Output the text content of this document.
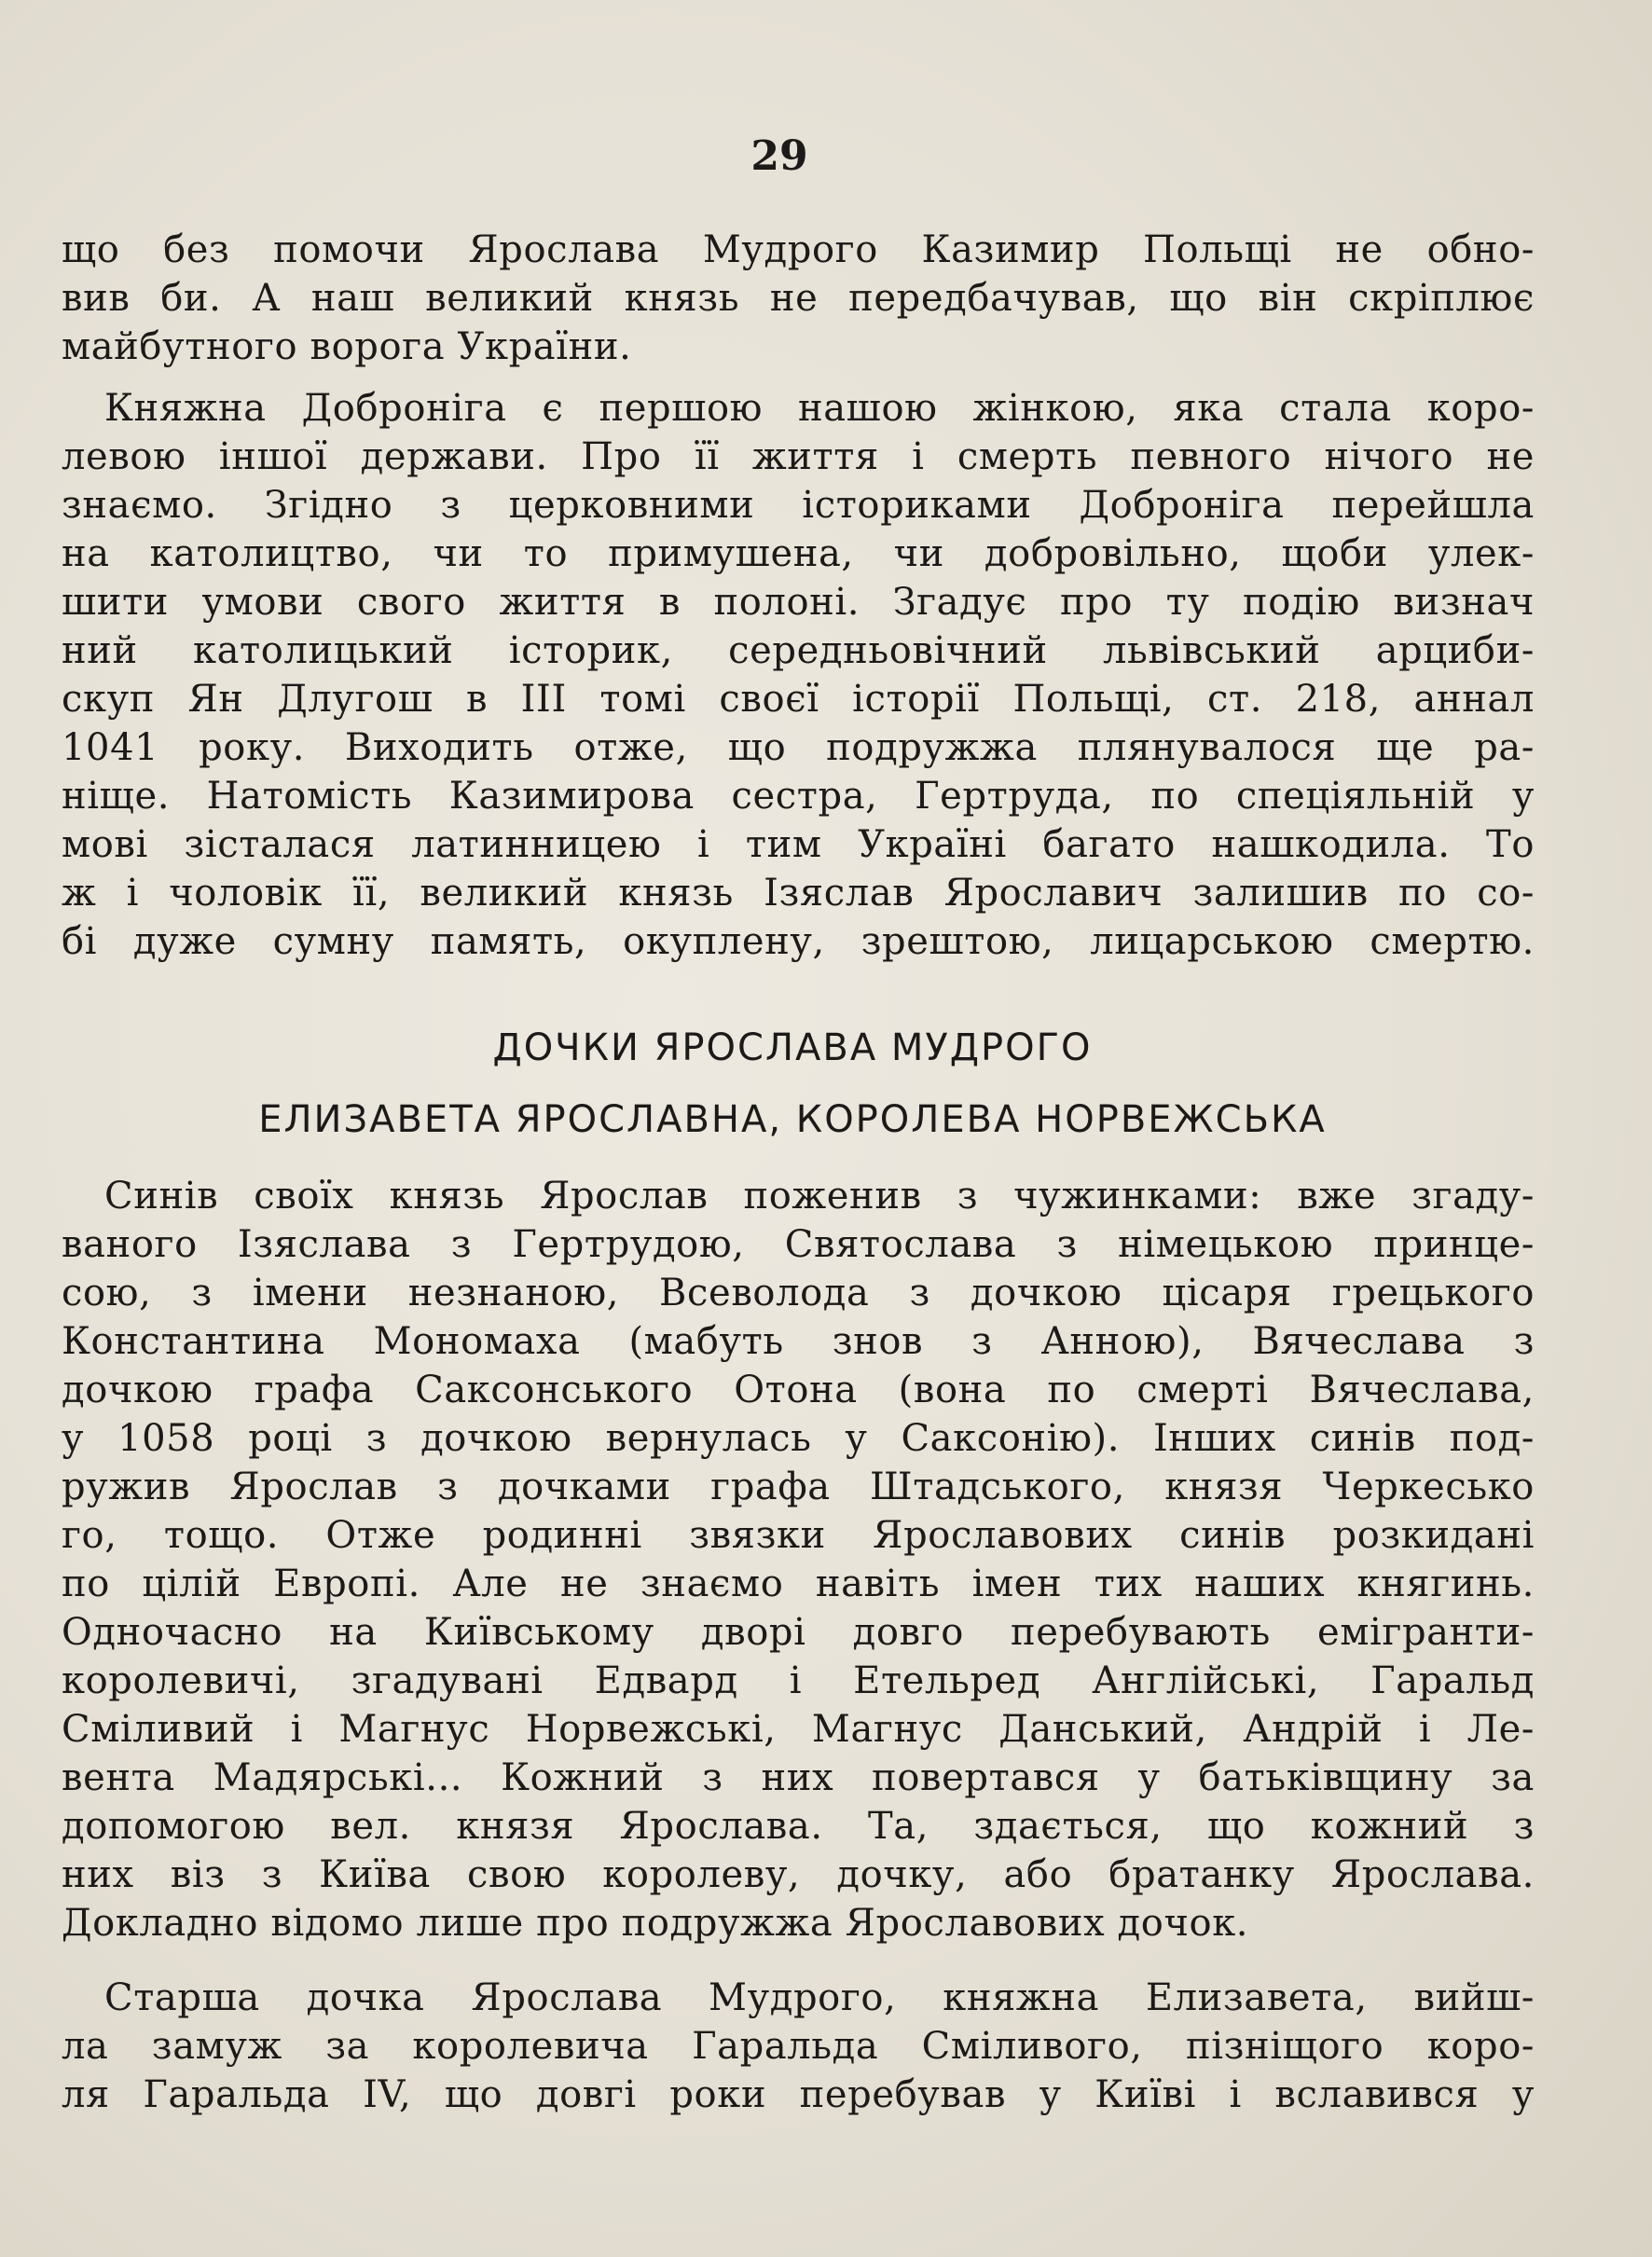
29
що без помочи Ярослава Мудрого Казимир Польщі не обно-
вив би. А наш великий князь не передбачував, що він скріплює
майбутного ворога України.
Княжна Доброніга є першою нашою жінкою, яка стала коро-
левою іншої держави. Про її життя і смерть певного нічого не
знаємо. Згідно з церковними істориками Доброніга перейшла
на католицтво, чи то примушена, чи добровільно, щоби улек-
шити умови свого життя в полоні. Згадує про ту подію визнач
ний католицький історик, середньовічний львівський арциби-
скуп Ян Длугош в III томі своєї історії Польщі, ст. 218, аннал
1041 року. Виходить отже, що подружжа плянувалося ще ра-
ніще. Натомість Казимирова сестра, Гертруда, по спеціяльній у
мові зісталася латинницею і тим Україні багато нашкодила. То
ж і чоловік її, великий князь Ізяслав Ярославич залишив по со-
бі дуже сумну память, окуплену, зрештою, лицарською смертю.
ДОЧКИ ЯРОСЛАВА МУДРОГО
ЕЛИЗАВЕТА ЯРОСЛАВНА, КОРОЛЕВА НОРВЕЖСЬКА
Синів своїх князь Ярослав поженив з чужинками: вже згаду-
ваного Ізяслава з Гертрудою, Святослава з німецькою принце-
сою, з імени незнаною, Всеволода з дочкою цісаря грецького
Константина Мономаха (мабуть знов з Анною), Вячеслава з
дочкою графа Саксонського Отона (вона по смерті Вячеслава,
у 1058 році з дочкою вернулась у Саксонію). Інших синів под-
ружив Ярослав з дочками графа Штадського, князя Черкесько
го, тощо. Отже родинні звязки Ярославових синів розкидані
по цілій Европі. Але не знаємо навіть імен тих наших княгинь.
Одночасно на Київському дворі довго перебувають емігранти-
королевичі, згадувані Едвард і Етельред Англійські, Гаральд
Сміливий і Магнус Норвежські, Магнус Данський, Андрій і Ле-
вента Мадярські... Кожний з них повертався у батьківщину за
допомогою вел. князя Ярослава. Та, здається, що кожний з
них віз з Київа свою королеву, дочку, або братанку Ярослава.
Докладно відомо лише про подружжа Ярославових дочок.
Старша дочка Ярослава Мудрого, княжна Елизавета, вийш-
ла замуж за королевича Гаральда Сміливого, пізніщого коро-
ля Гаральда IV, що довгі роки перебував у Київі і вславився у
